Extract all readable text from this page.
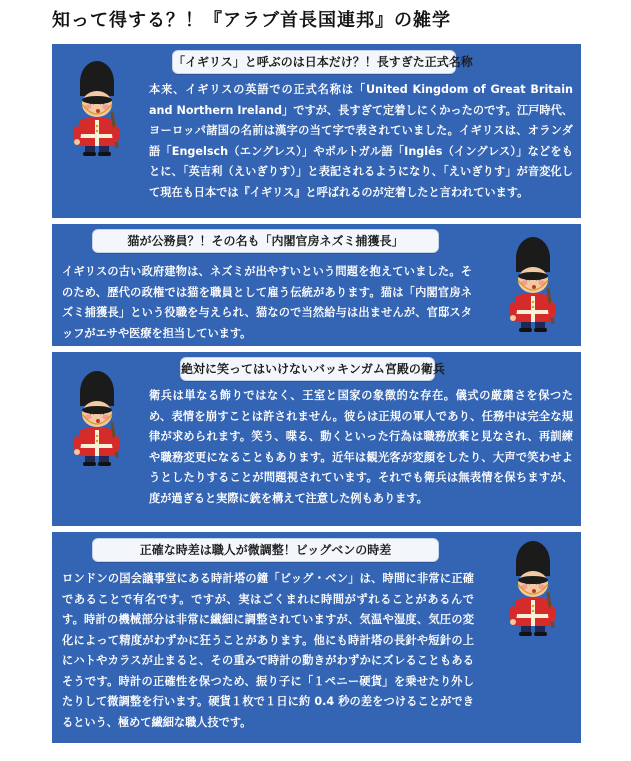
知って得する？！『アラブ首長国連邦』の雑学
「イギリス」と呼ぶのは日本だけ？！長すぎた正式名称

本来、イギリスの英語での正式名称は「United Kingdom of Great Britain and Northern Ireland」ですが、長すぎて定着しにくかったのです。江戸時代、ヨーロッパ諸国の名前は漢字の当て字で表されていました。イギリスは、オランダ語「Engelsch（エングレス）」やポルトガル語「Inglês（イングレス）」などをもとに、「英吉利（えいぎりす）」と表記されるようになり、「えいぎりす」が音変化して現在も日本では『イギリス』と呼ばれるのが定着したと言われています。

猫が公務員？！その名も「内閣官房ネズミ捕獲長」

イギリスの古い政府建物は、ネズミが出やすいという問題を抱えていました。そのため、歴代の政権では猫を職員として雇う伝統があります。猫は「内閣官房ネズミ捕獲長」という役職を与えられ、猫なので当然給与は出ませんが、官邸スタッフがエサや医療を担当しています。

絶対に笑ってはいけないバッキンガム宮殿の衛兵

衛兵は単なる飾りではなく、王室と国家の象徴的な存在。儀式の厳粛さを保つため、表情を崩すことは許されません。彼らは正規の軍人であり、任務中は完全な規律が求められます。笑う、喋る、動くといった行為は職務放棄と見なされ、再訓練や職務変更になることもあります。近年は観光客が変顔をしたり、大声で笑わせようとしたりすることが問題視されています。それでも衛兵は無表情を保ちますが、度が過ぎると実際に銃を構えて注意した例もあります。

正確な時差は職人が微調整！ビッグベンの時差

ロンドンの国会議事堂にある時計塔の鐘「ビッグ・ベン」は、時間に非常に正確であることで有名です。ですが、実はごくまれに時間がずれることがあるんです。時計の機械部分は非常に繊細に調整されていますが、気温や湿度、気圧の変化によって精度がわずかに狂うことがあります。他にも時計塔の長針や短針の上にハトやカラスが止まると、その重みで時計の動きがわずかにズレることもあるそうです。時計の正確性を保つため、振り子に「１ペニー硬貨」を乗せたり外したりして微調整を行います。硬貨１枚で１日に約 0.4 秒の差をつけることができるという、極めて繊細な職人技です。
